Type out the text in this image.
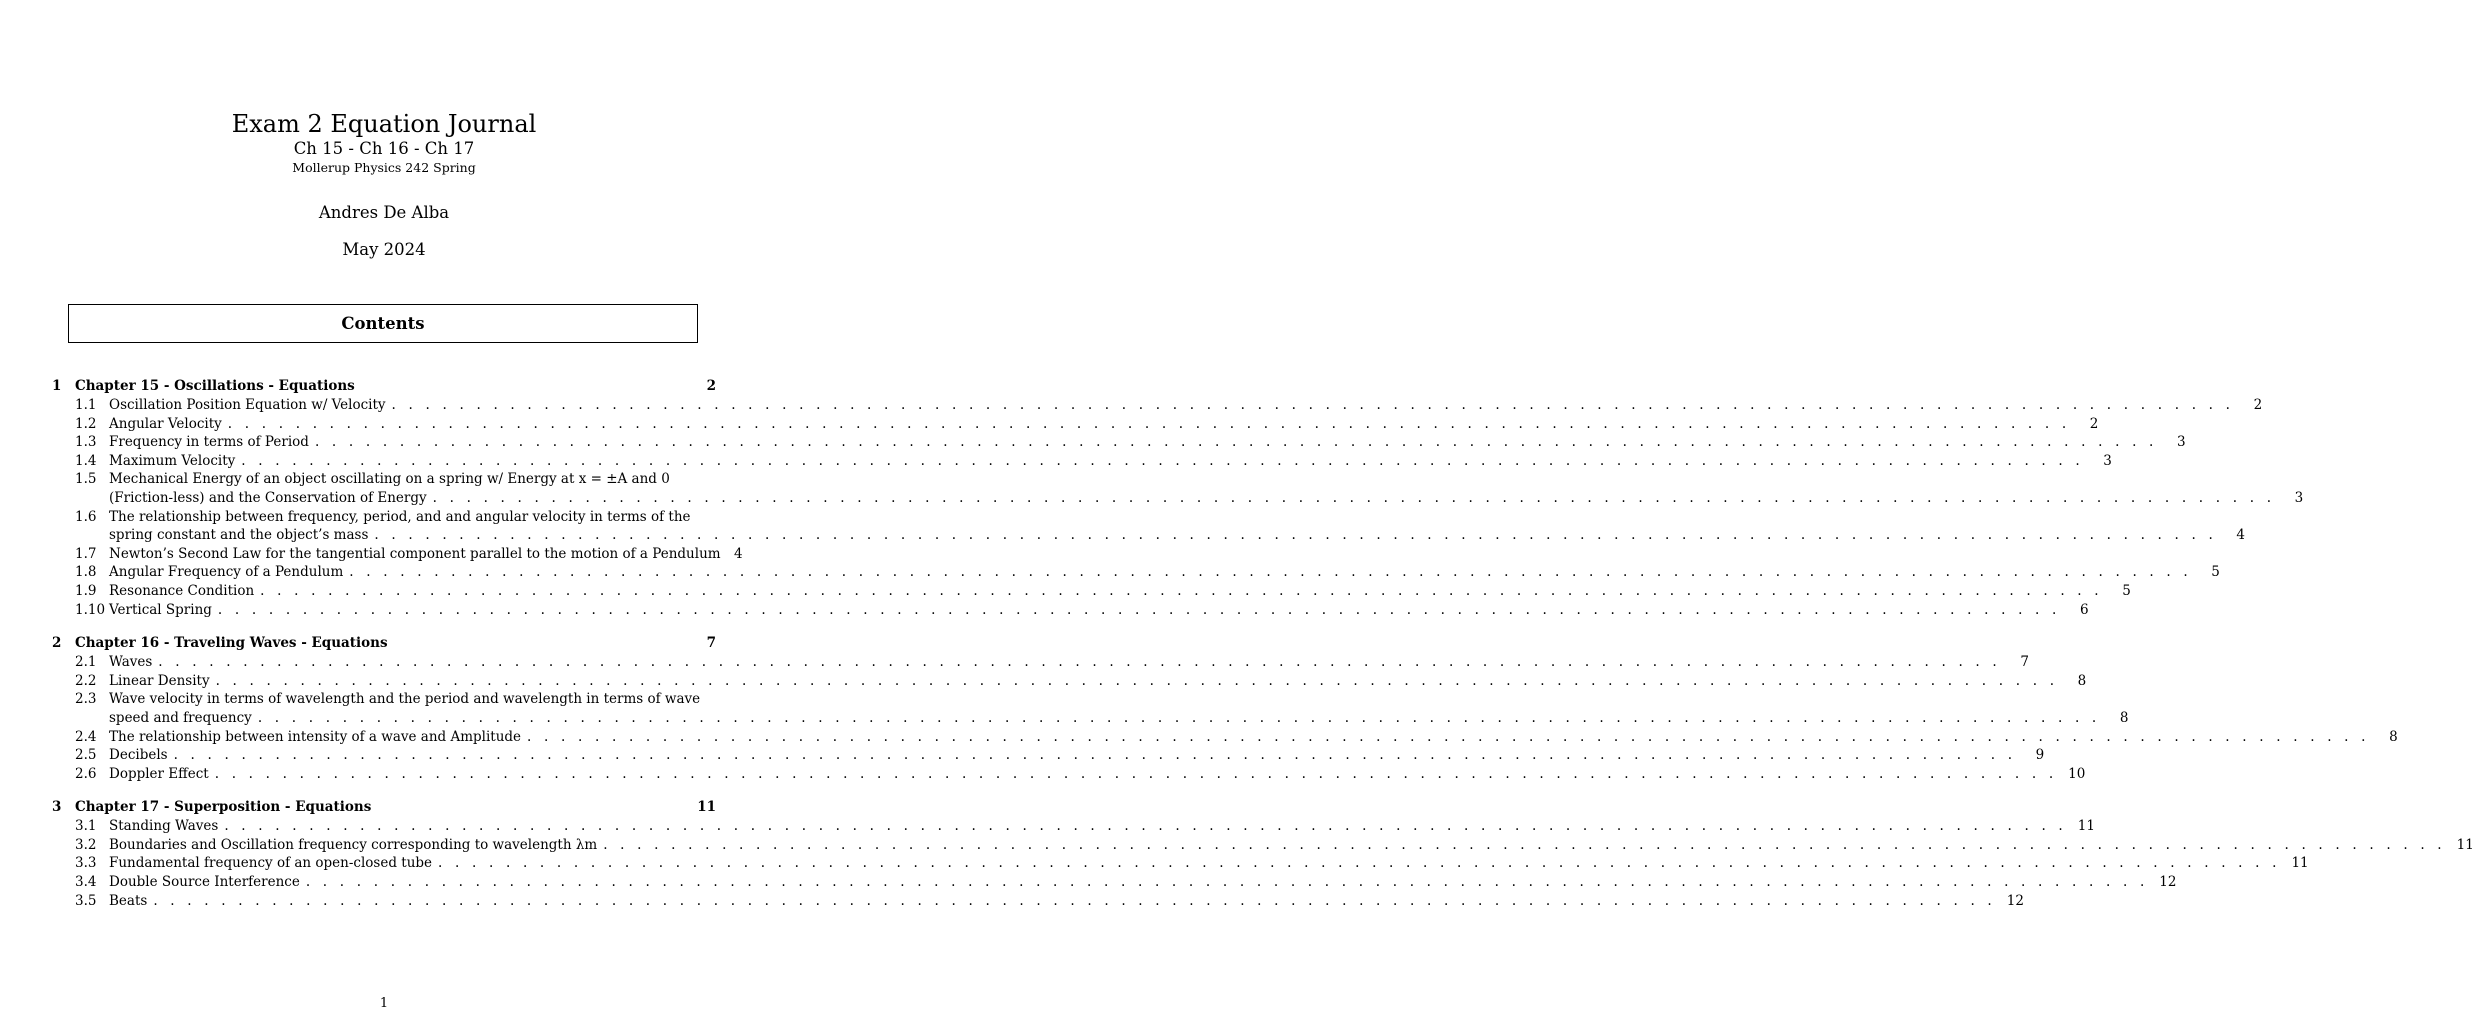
Exam 2 Equation Journal
Ch 15 - Ch 16 - Ch 17
Mollerup Physics 242 Spring
Andres De Alba
May 2024
Contents
1	Chapter 15 - Oscillations - Equations	2
1.1 Oscillation Position Equation w/ Velocity . . .	2
1.2 Angular Velocity . . .	2
1.3 Frequency in terms of Period . . .	3
1.4 Maximum Velocity . . .	3
1.5 Mechanical Energy of an object oscillating on a spring w/ Energy at x = ±A and 0
(Friction-less) and the Conservation of Energy . . .	3
1.6 The relationship between frequency, period, and and angular velocity in terms of the
spring constant and the object’s mass . . .	4
1.7 Newton’s Second Law for the tangential component parallel to the motion of a Pendulum 4
1.8 Angular Frequency of a Pendulum . . .	5
1.9 Resonance Condition . . .	5
1.10 Vertical Spring . . .	6
2	Chapter 16 - Traveling Waves - Equations	7
2.1 Waves . . .	7
2.2 Linear Density . . .	8
2.3 Wave velocity in terms of wavelength and the period and wavelength in terms of wave
speed and frequency . . .	8
2.4 The relationship between intensity of a wave and Amplitude . . .	8
2.5 Decibels . . .	9
2.6 Doppler Effect . . .	10
3	Chapter 17 - Superposition - Equations	11
3.1 Standing Waves . . .	11
3.2 Boundaries and Oscillation frequency corresponding to wavelength λm . . .	11
3.3 Fundamental frequency of an open-closed tube . . .	11
3.4 Double Source Interference . . .	12
3.5 Beats . . .	12
1
